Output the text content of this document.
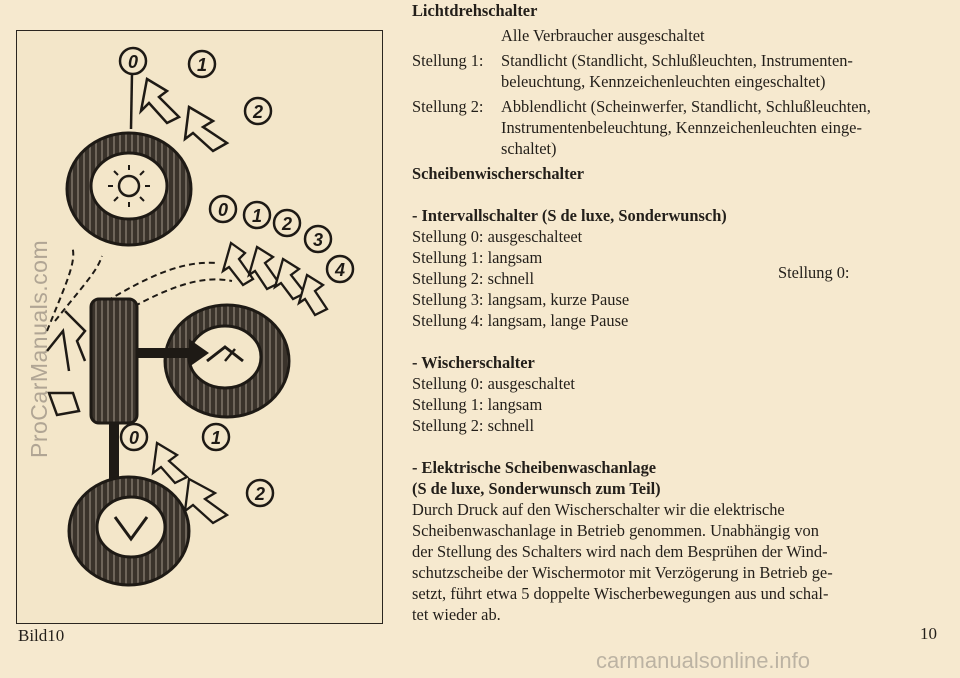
0	1
2
0 1 2
3
4
0	1
2
ProCarManuals.com
Bild10	10
carmanualsonline.info
Lichtdrehschalter
Alle Verbraucher ausgeschaltet
Stellung 1:	Standlicht (Standlicht, Schlußleuchten, Instrumenten-
beleuchtung, Kennzeichenleuchten eingeschaltet)
Stellung 2:	Abblendlicht (Scheinwerfer, Standlicht, Schlußleuchten,
Instrumentenbeleuchtung, Kennzeichenleuchten einge-
schaltet)
Scheibenwischerschalter
- Intervallschalter (S de luxe, Sonderwunsch)
Stellung 0: ausgeschalteet
Stellung 1: langsam
Stellung 2: schnell
Stellung 3: langsam, kurze Pause
Stellung 4: langsam, lange Pause
- Wischerschalter
Stellung 0: ausgeschaltet
Stellung 1: langsam
Stellung 2: schnell
- Elektrische Scheibenwaschanlage
(S de luxe, Sonderwunsch zum Teil)
Durch Druck auf den Wischerschalter wir die elektrische
Scheibenwaschanlage in Betrieb genommen. Unabhängig von
der Stellung des Schalters wird nach dem Besprühen der Wind-
schutzscheibe der Wischermotor mit Verzögerung in Betrieb ge-
setzt, führt etwa 5 doppelte Wischerbewegungen aus und schal-
tet wieder ab.
Stellung 0:
